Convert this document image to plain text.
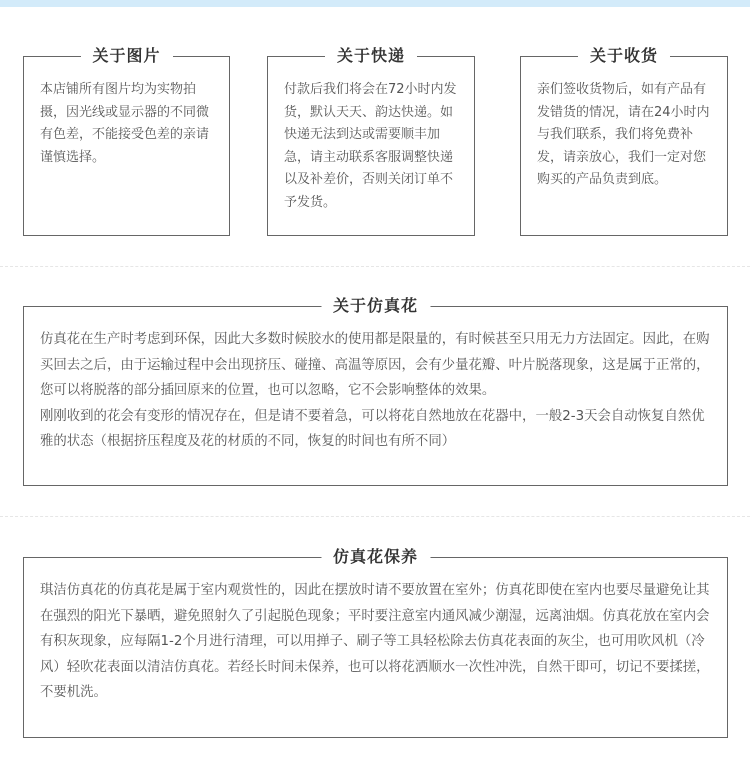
关于图片
本店铺所有图片均为实物拍摄，因光线或显示器的不同微有色差，不能接受色差的亲请谨慎选择。
关于快递
付款后我们将会在72小时内发货，默认天天、韵达快递。如快递无法到达或需要顺丰加急，请主动联系客服调整快递以及补差价，否则关闭订单不予发货。
关于收货
亲们签收货物后，如有产品有发错货的情况，请在24小时内与我们联系，我们将免费补发，请亲放心，我们一定对您购买的产品负责到底。
关于仿真花
仿真花在生产时考虑到环保，因此大多数时候胶水的使用都是限量的，有时候甚至只用无力方法固定。因此，在购买回去之后，由于运输过程中会出现挤压、碰撞、高温等原因，会有少量花瓣、叶片脱落现象，这是属于正常的，您可以将脱落的部分插回原来的位置，也可以忽略，它不会影响整体的效果。
刚刚收到的花会有变形的情况存在，但是请不要着急，可以将花自然地放在花器中，一般2-3天会自动恢复自然优雅的状态（根据挤压程度及花的材质的不同，恢复的时间也有所不同）
仿真花保养
琪洁仿真花的仿真花是属于室内观赏性的，因此在摆放时请不要放置在室外；仿真花即使在室内也要尽量避免让其在强烈的阳光下暴晒，避免照射久了引起脱色现象；平时要注意室内通风减少潮湿，远离油烟。仿真花放在室内会有积灰现象，应每隔1-2个月进行清理，可以用掸子、刷子等工具轻松除去仿真花表面的灰尘，也可用吹风机（冷风）轻吹花表面以清洁仿真花。若经长时间未保养，也可以将花洒顺水一次性冲洗，自然干即可，切记不要揉搓，不要机洗。
